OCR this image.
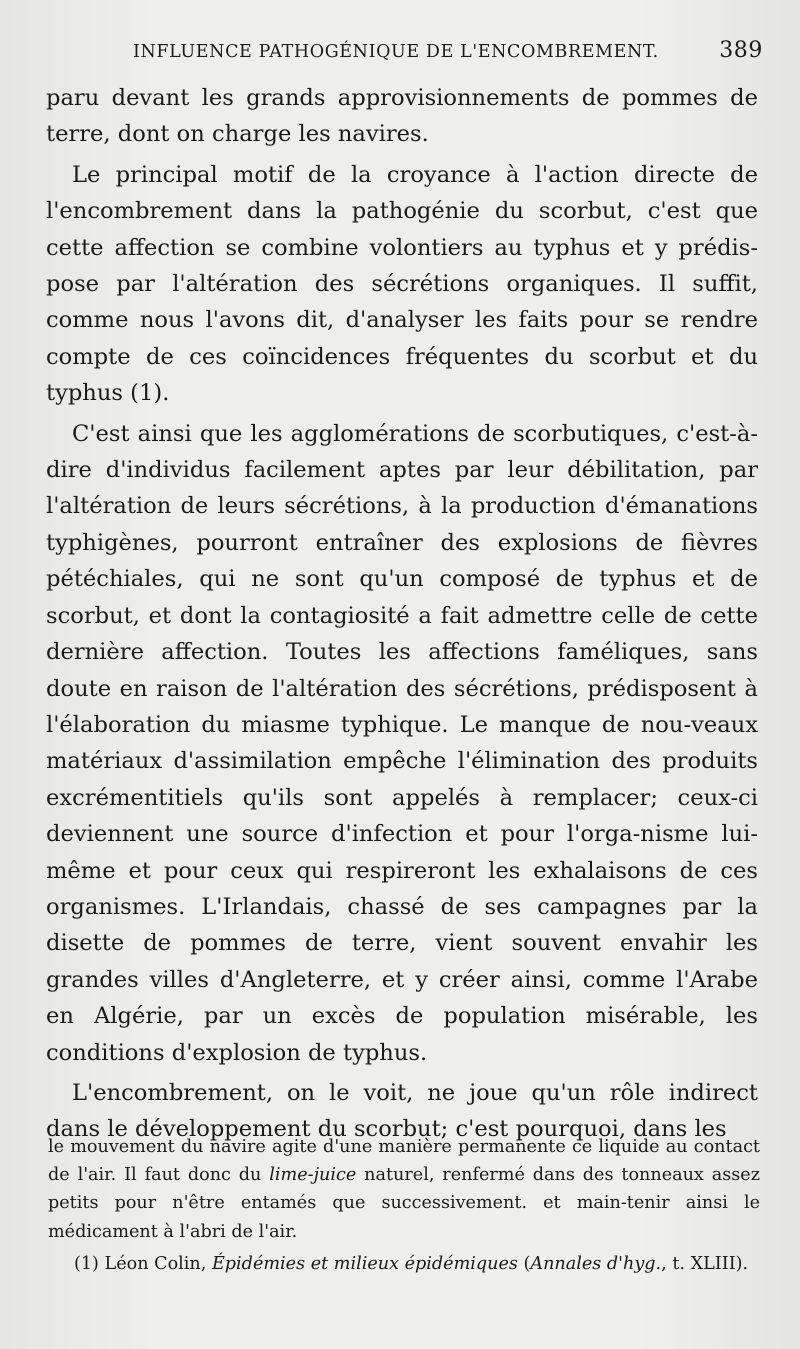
INFLUENCE PATHOGÉNIQUE DE L'ENCOMBREMENT.	389

paru devant les grands approvisionnements de pommes de terre, dont on charge les navires.

Le principal motif de la croyance à l'action directe de l'encombrement dans la pathogénie du scorbut, c'est que cette affection se combine volontiers au typhus et y prédis-pose par l'altération des sécrétions organiques. Il suffit, comme nous l'avons dit, d'analyser les faits pour se rendre compte de ces coïncidences fréquentes du scorbut et du typhus (1).

C'est ainsi que les agglomérations de scorbutiques, c'est-à-dire d'individus facilement aptes par leur débilitation, par l'altération de leurs sécrétions, à la production d'émanations typhigènes, pourront entraîner des explosions de fièvres pétéchiales, qui ne sont qu'un composé de typhus et de scorbut, et dont la contagiosité a fait admettre celle de cette dernière affection. Toutes les affections faméliques, sans doute en raison de l'altération des sécrétions, prédisposent à l'élaboration du miasme typhique. Le manque de nou-veaux matériaux d'assimilation empêche l'élimination des produits excrémentitiels qu'ils sont appelés à remplacer; ceux-ci deviennent une source d'infection et pour l'orga-nisme lui-même et pour ceux qui respireront les exhalaisons de ces organismes. L'Irlandais, chassé de ses campagnes par la disette de pommes de terre, vient souvent envahir les grandes villes d'Angleterre, et y créer ainsi, comme l'Arabe en Algérie, par un excès de population misérable, les conditions d'explosion de typhus.

L'encombrement, on le voit, ne joue qu'un rôle indirect dans le développement du scorbut; c'est pourquoi, dans les

le mouvement du navire agite d'une manière permanente ce liquide au contact de l'air. Il faut donc du lime-juice naturel, renfermé dans des tonneaux assez petits pour n'être entamés que successivement. et main-tenir ainsi le médicament à l'abri de l'air.

(1) Léon Colin, Épidémies et milieux épidémiques (Annales d'hyg., t. XLIII).
